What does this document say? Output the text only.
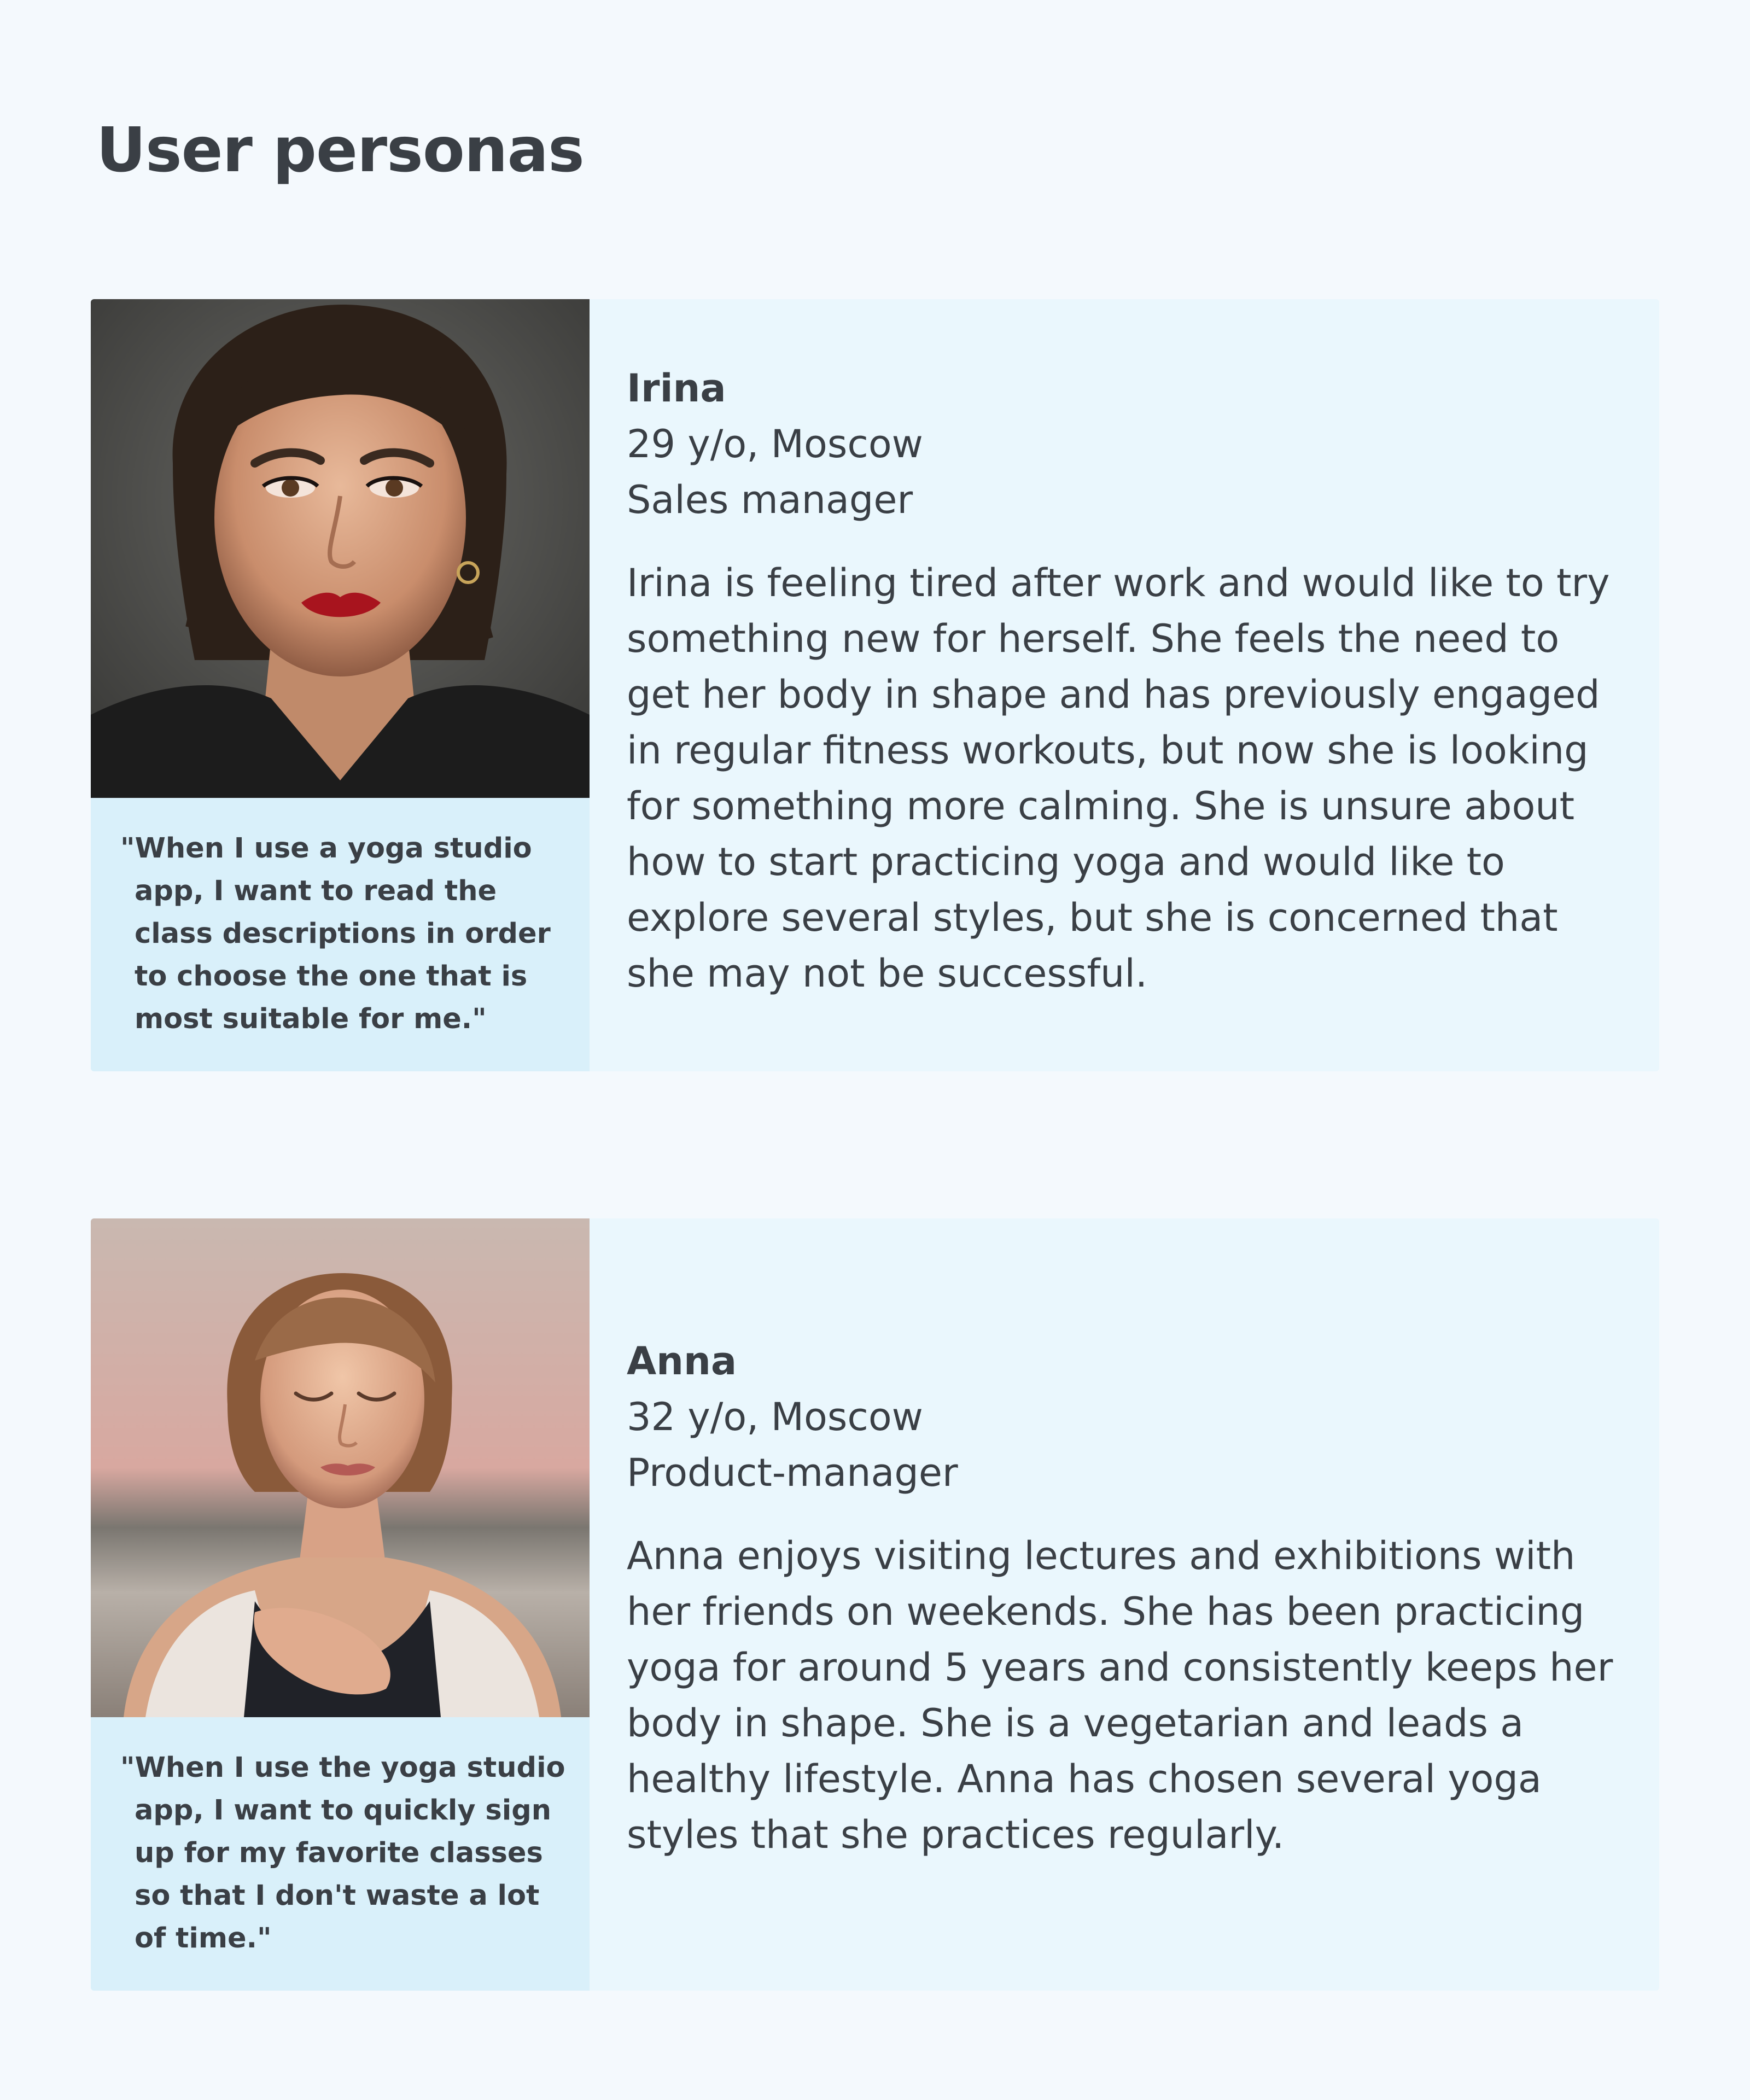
User personas

"When I use a yoga studio app, I want to read the class descriptions in order to choose the one that is most suitable for me."

Irina

29 y/o, Moscow

Sales manager

Irina is feeling tired after work and would like to try something new for herself. She feels the need to get her body in shape and has previously engaged in regular fitness workouts, but now she is looking for something more calming. She is unsure about how to start practicing yoga and would like to explore several styles, but she is concerned that she may not be successful.

"When I use the yoga studio app, I want to quickly sign up for my favorite classes so that I don't waste a lot of time."

Anna

32 y/o, Moscow

Product-manager

Anna enjoys visiting lectures and exhibitions with her friends on weekends. She has been practicing yoga for around 5 years and consistently keeps her body in shape. She is a vegetarian and leads a healthy lifestyle. Anna has chosen several yoga styles that she practices regularly.
